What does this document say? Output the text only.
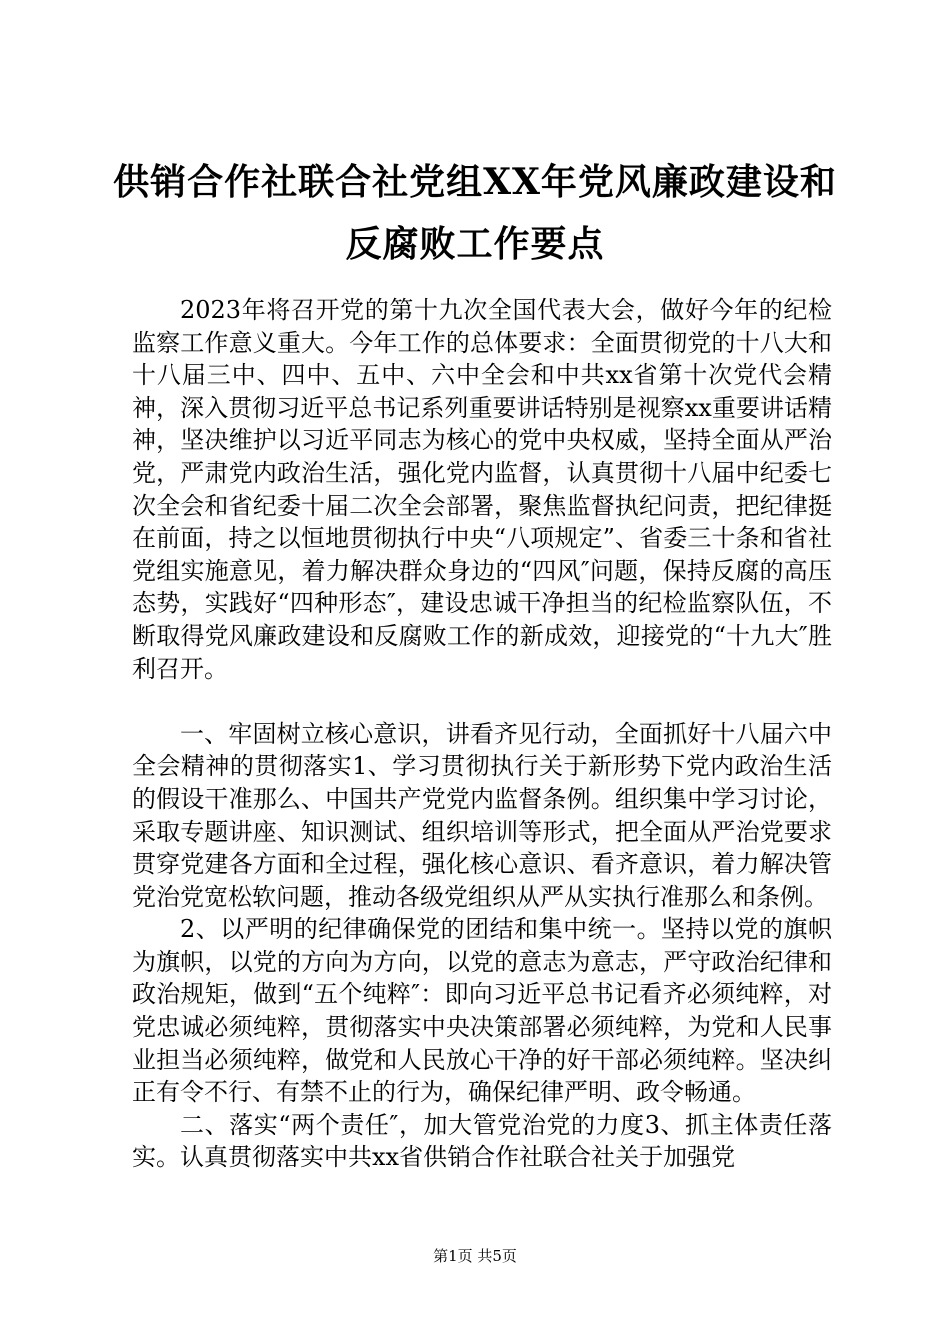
供销合作社联合社党组XX年党风廉政建设和
反腐败工作要点

2023年将召开党的第十九次全国代表大会，做好今年的纪检监察工作意义重大。今年工作的总体要求：全面贯彻党的十八大和十八届三中、四中、五中、六中全会和中共xx省第十次党代会精神，深入贯彻习近平总书记系列重要讲话特别是视察xx重要讲话精神，坚决维护以习近平同志为核心的党中央权威，坚持全面从严治党，严肃党内政治生活，强化党内监督，认真贯彻十八届中纪委七次全会和省纪委十届二次全会部署，聚焦监督执纪问责，把纪律挺在前面，持之以恒地贯彻执行中央“八项规定”、省委三十条和省社党组实施意见，着力解决群众身边的“四风″问题，保持反腐的高压态势，实践好“四种形态″，建设忠诚干净担当的纪检监察队伍，不断取得党风廉政建设和反腐败工作的新成效，迎接党的“十九大″胜利召开。

一、牢固树立核心意识，讲看齐见行动，全面抓好十八届六中全会精神的贯彻落实1、学习贯彻执行关于新形势下党内政治生活的假设干准那么、中国共产党党内监督条例。组织集中学习讨论，采取专题讲座、知识测试、组织培训等形式，把全面从严治党要求贯穿党建各方面和全过程，强化核心意识、看齐意识，着力解决管党治党宽松软问题，推动各级党组织从严从实执行准那么和条例。

2、以严明的纪律确保党的团结和集中统一。坚持以党的旗帜为旗帜，以党的方向为方向，以党的意志为意志，严守政治纪律和政治规矩，做到“五个纯粹″：即向习近平总书记看齐必须纯粹，对党忠诚必须纯粹，贯彻落实中央决策部署必须纯粹，为党和人民事业担当必须纯粹，做党和人民放心干净的好干部必须纯粹。坚决纠正有令不行、有禁不止的行为，确保纪律严明、政令畅通。

二、落实“两个责任″，加大管党治党的力度3、抓主体责任落实。认真贯彻落实中共xx省供销合作社联合社关于加强党

第1页 共5页
